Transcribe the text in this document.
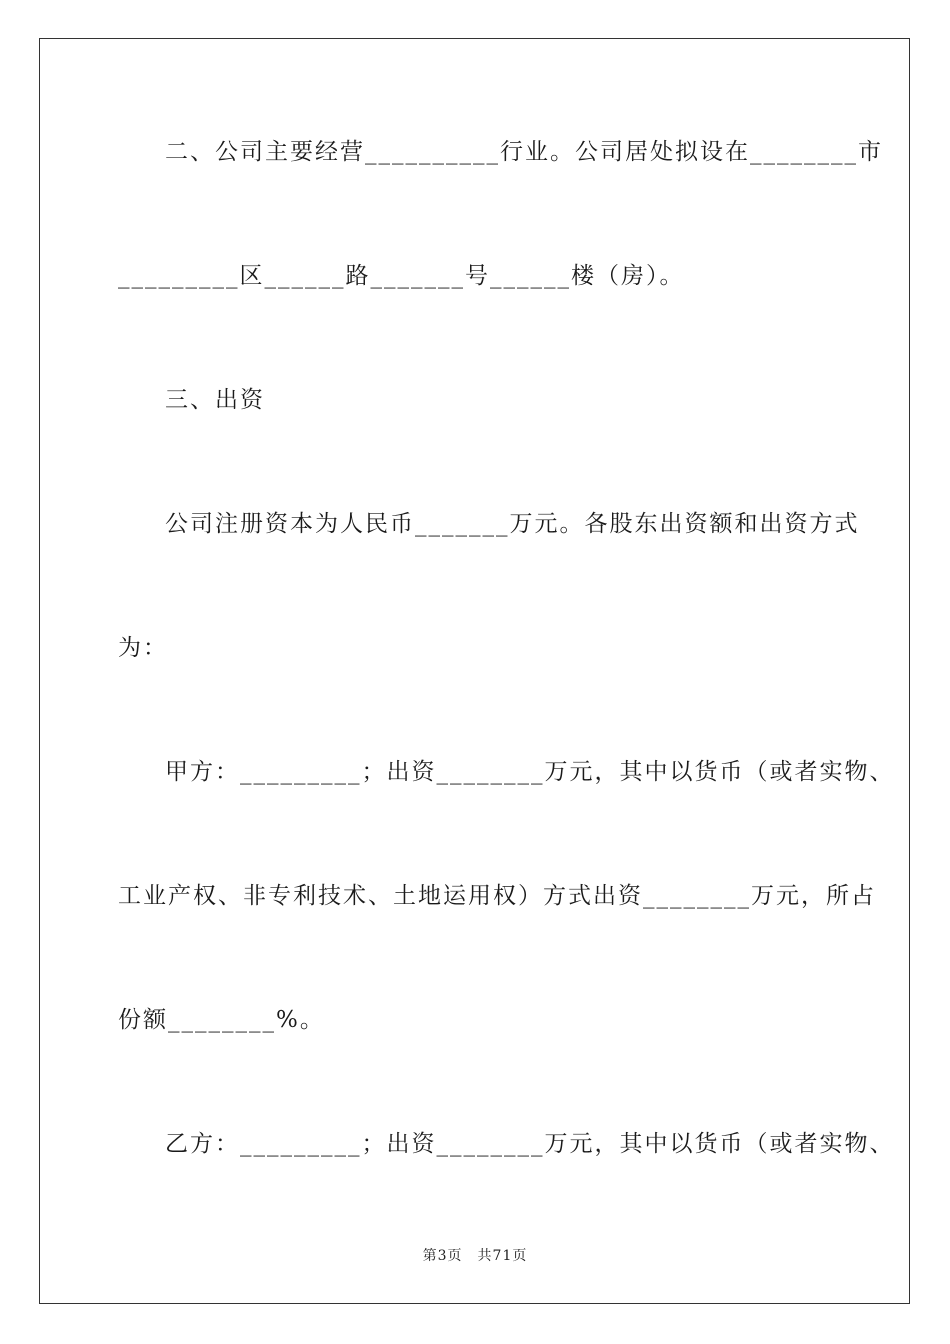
二、公司主要经营__________行业。公司居处拟设在________市
_________区______路_______号______楼（房）。
三、出资
公司注册资本为人民币_______万元。各股东出资额和出资方式
为：
甲方：_________；出资________万元，其中以货币（或者实物、
工业产权、非专利技术、土地运用权）方式出资________万元，所占
份额________%。
乙方：_________；出资________万元，其中以货币（或者实物、
第3页　共71页
